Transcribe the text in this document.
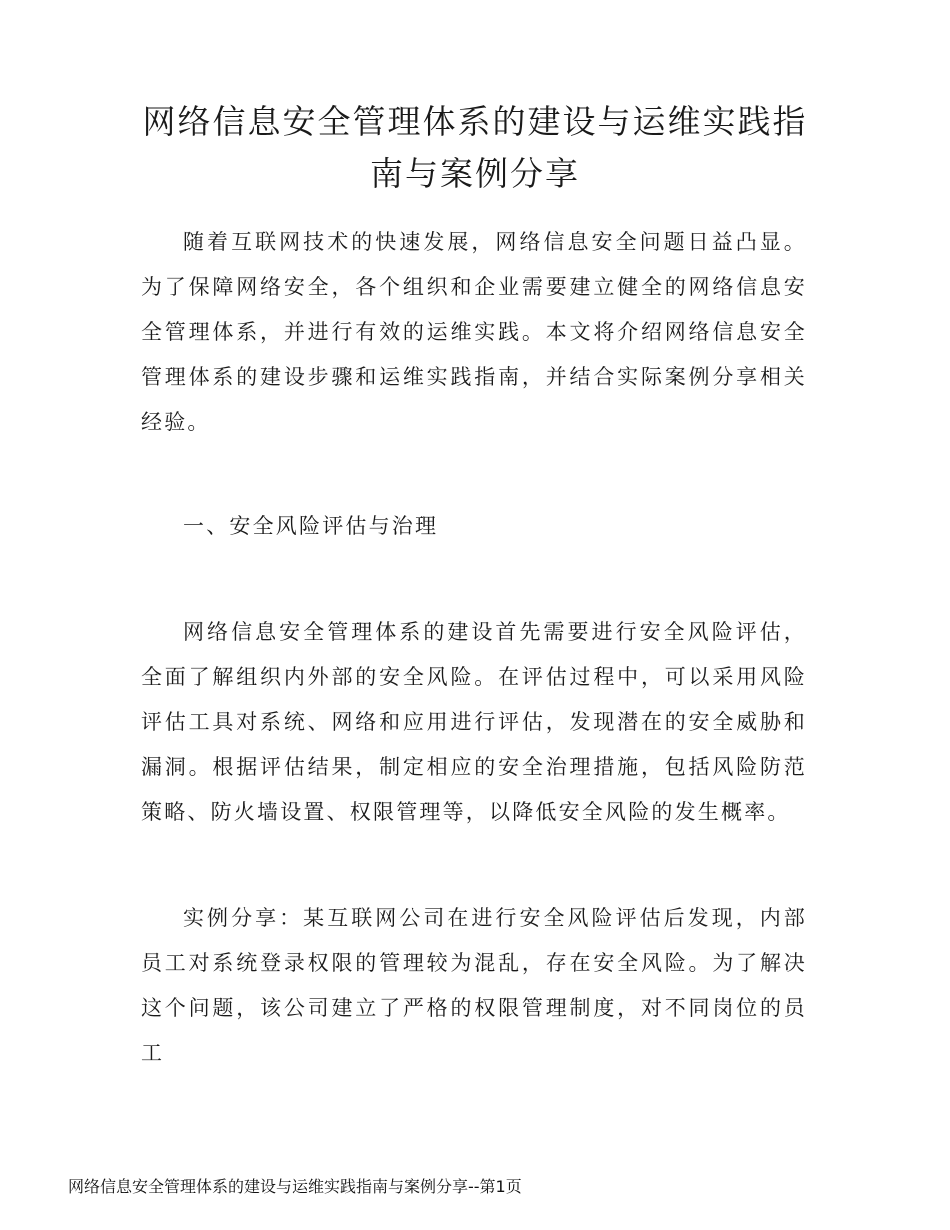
网络信息安全管理体系的建设与运维实践指南与案例分享

随着互联网技术的快速发展，网络信息安全问题日益凸显。为了保障网络安全，各个组织和企业需要建立健全的网络信息安全管理体系，并进行有效的运维实践。本文将介绍网络信息安全管理体系的建设步骤和运维实践指南，并结合实际案例分享相关经验。

一、安全风险评估与治理

网络信息安全管理体系的建设首先需要进行安全风险评估，全面了解组织内外部的安全风险。在评估过程中，可以采用风险评估工具对系统、网络和应用进行评估，发现潜在的安全威胁和漏洞。根据评估结果，制定相应的安全治理措施，包括风险防范策略、防火墙设置、权限管理等，以降低安全风险的发生概率。

实例分享：某互联网公司在进行安全风险评估后发现，内部员工对系统登录权限的管理较为混乱，存在安全风险。为了解决这个问题，该公司建立了严格的权限管理制度，对不同岗位的员工

网络信息安全管理体系的建设与运维实践指南与案例分享--第1页
